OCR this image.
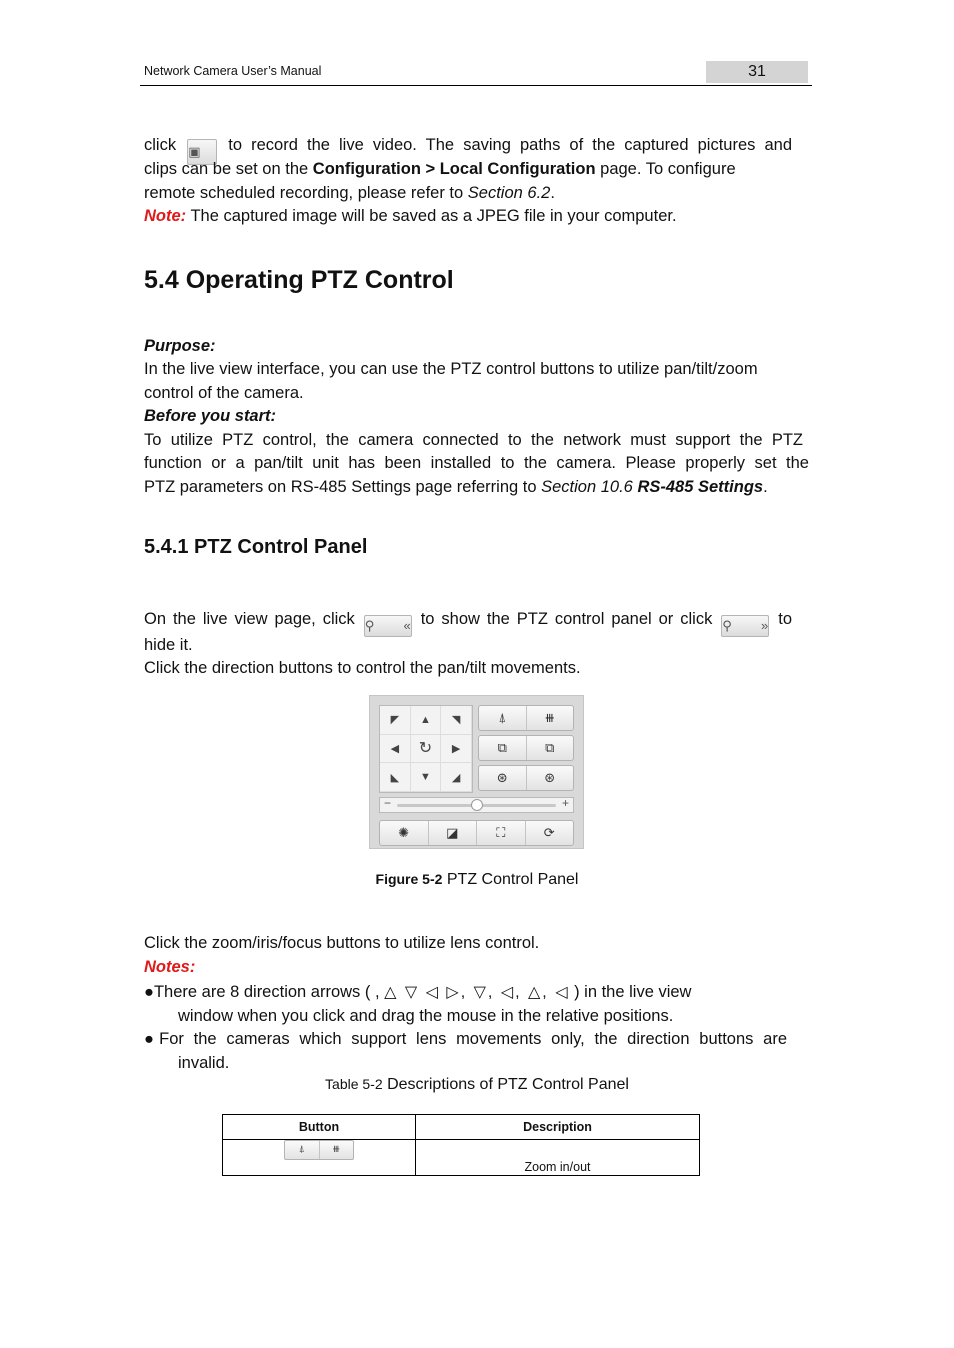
Network Camera User’s Manual	31
click ▣ to record the live video. The saving paths of the captured pictures and
clips can be set on the Configuration > Local Configuration page. To configure
remote scheduled recording, please refer to Section 6.2.
Note: The captured image will be saved as a JPEG file in your computer.
5.4 Operating PTZ Control
Purpose:
In the live view interface, you can use the PTZ control buttons to utilize pan/tilt/zoom
control of the camera.
Before you start:
To utilize PTZ control, the camera connected to the network must support the PTZ
function or a pan/tilt unit has been installed to the camera. Please properly set the
PTZ parameters on RS-485 Settings page referring to Section 10.6 RS-485 Settings.
5.4.1 PTZ Control Panel
On the live view page, click ⚲ « to show the PTZ control panel or click ⚲ » to
hide it.
Click the direction buttons to control the pan/tilt movements.
◤	▲	◥
◀	↻	▶
◣	▼	◢
⍋	⧻
⧉	⧉
⊛	⊛
−	+
✺	◪	⛶	⟳
Figure 5-2 PTZ Control Panel
Click the zoom/iris/focus buttons to utilize lens control.
Notes:
●There are 8 direction arrows ( , △ ▽ ◁ ▷, ▽, ◁, △, ◁ ) in the live view
window when you click and drag the mouse in the relative positions.
●For the cameras which support lens movements only, the direction buttons are
invalid.
Table 5-2 Descriptions of PTZ Control Panel
Button	Description

⍋ ⧻	Zoom in/out
